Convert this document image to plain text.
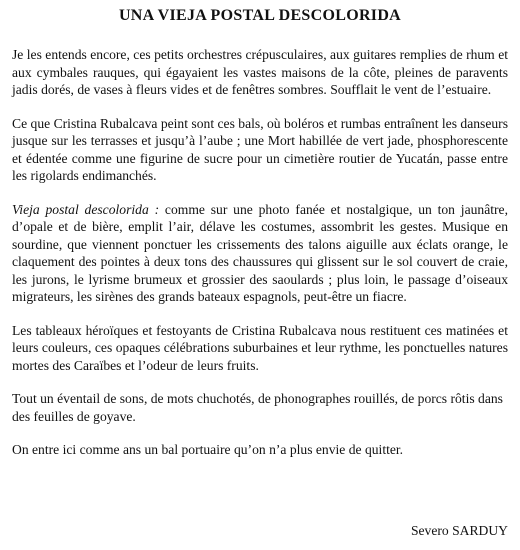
UNA VIEJA POSTAL DESCOLORIDA

Je les entends encore, ces petits orchestres crépusculaires, aux guitares remplies de rhum et aux cymbales rauques, qui égayaient les vastes maisons de la côte, pleines de paravents jadis dorés, de vases à fleurs vides et de fenêtres sombres. Soufflait le vent de l’estuaire.

Ce que Cristina Rubalcava peint sont ces bals, où boléros et rumbas entraînent les danseurs jusque sur les terrasses et jusqu’à l’aube ; une Mort habillée de vert jade, phosphorescente et édentée comme une figurine de sucre pour un cimetière routier de Yucatán, passe entre les rigolards endimanchés.

Vieja postal descolorida : comme sur une photo fanée et nostalgique, un ton jaunâtre, d’opale et de bière, emplit l’air, délave les costumes, assombrit les gestes. Musique en sourdine, que viennent ponctuer les crissements des talons aiguille aux éclats orange, le claquement des pointes à deux tons des chaussures qui glissent sur le sol couvert de craie, les jurons, le lyrisme brumeux et grossier des saoulards ; plus loin, le passage d’oiseaux migrateurs, les sirènes des grands bateaux espagnols, peut-être un fiacre.

Les tableaux héroïques et festoyants de Cristina Rubalcava nous restituent ces matinées et leurs couleurs, ces opaques célébrations suburbaines et leur rythme, les ponctuelles natures mortes des Caraïbes et l’odeur de leurs fruits.

Tout un éventail de sons, de mots chuchotés, de phonographes rouillés, de porcs rôtis dans des feuilles de goyave.

On entre ici comme ans un bal portuaire qu’on n’a plus envie de quitter.

Severo SARDUY
